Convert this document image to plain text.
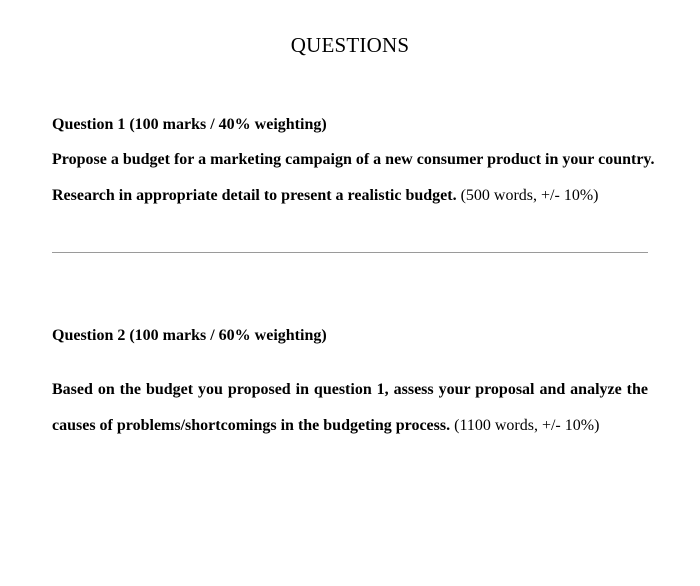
QUESTIONS
Question 1 (100 marks / 40% weighting)
Propose a budget for a marketing campaign of a new consumer product in your country.
Research in appropriate detail to present a realistic budget. (500 words, +/- 10%)
Question 2 (100 marks / 60% weighting)
Based on the budget you proposed in question 1, assess your proposal and analyze the
causes of problems/shortcomings in the budgeting process. (1100 words, +/- 10%)
